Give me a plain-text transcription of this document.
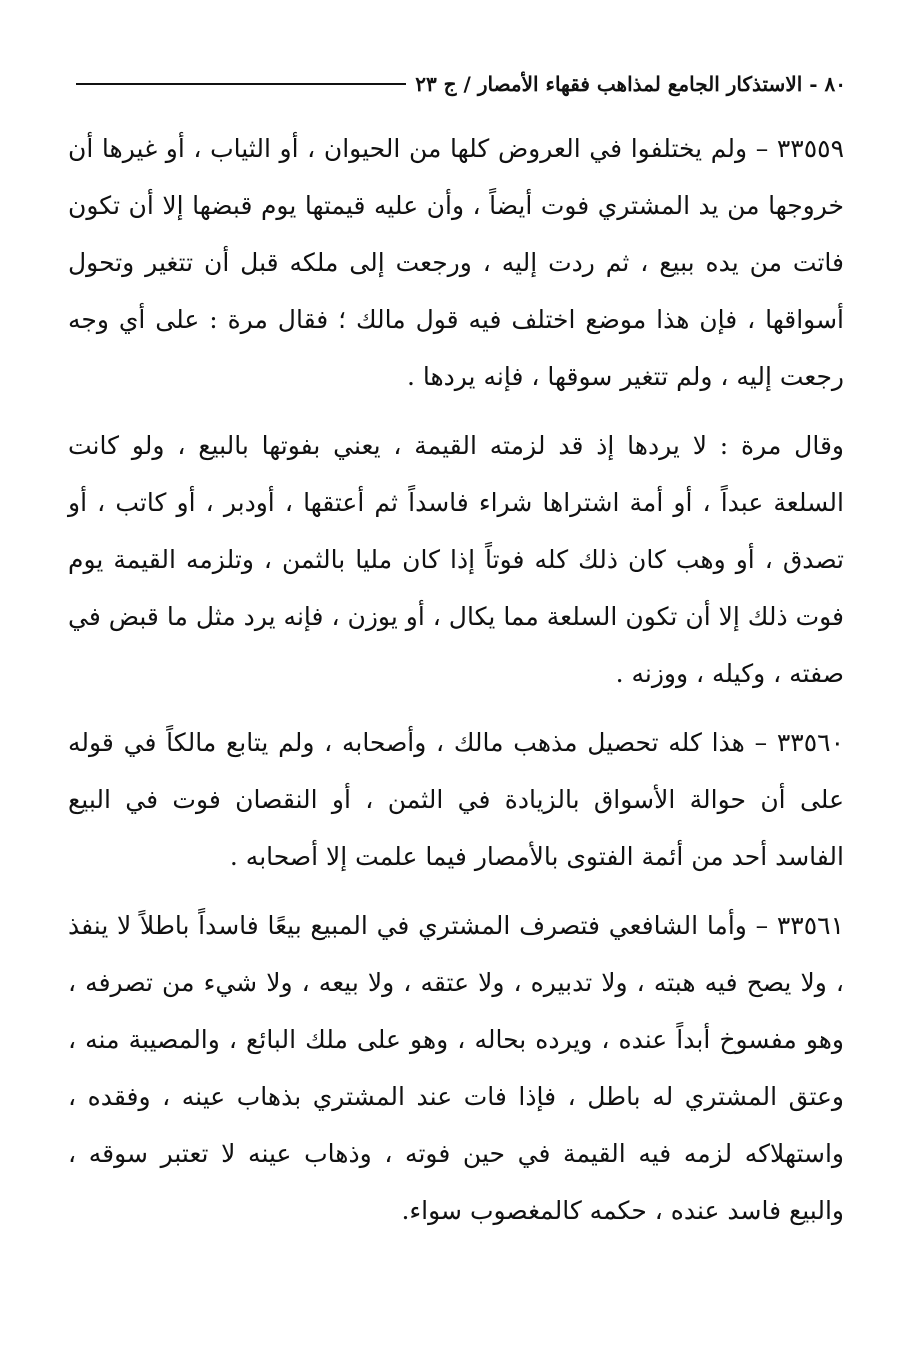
٨٠ - الاستذكار الجامع لمذاهب فقهاء الأمصار / ج ٢٣

٣٣٥٥٩ – ولم يختلفوا في العروض كلها من الحيوان ، أو الثياب ، أو غيرها أن خروجها من يد المشتري فوت أيضاً ، وأن عليه قيمتها يوم قبضها إلا أن تكون فاتت من يده ببيع ، ثم ردت إليه ، ورجعت إلى ملكه قبل أن تتغير وتحول أسواقها ، فإن هذا موضع اختلف فيه قول مالك ؛ فقال مرة : على أي وجه رجعت إليه ، ولم تتغير سوقها ، فإنه يردها .

وقال مرة : لا يردها إذ قد لزمته القيمة ، يعني بفوتها بالبيع ، ولو كانت السلعة عبداً ، أو أمة اشتراها شراء فاسداً ثم أعتقها ، أودبر ، أو كاتب ، أو تصدق ، أو وهب كان ذلك كله فوتاً إذا كان مليا بالثمن ، وتلزمه القيمة يوم فوت ذلك إلا أن تكون السلعة مما يكال ، أو يوزن ، فإنه يرد مثل ما قبض في صفته ، وكيله ، ووزنه .

٣٣٥٦٠ – هذا كله تحصيل مذهب مالك ، وأصحابه ، ولم يتابع مالكاً في قوله على أن حوالة الأسواق بالزيادة في الثمن ، أو النقصان فوت في البيع الفاسد أحد من أئمة الفتوى بالأمصار فيما علمت إلا أصحابه .

٣٣٥٦١ – وأما الشافعي فتصرف المشتري في المبيع بيعًا فاسداً باطلاً لا ينفذ ، ولا يصح فيه هبته ، ولا تدبيره ، ولا عتقه ، ولا بيعه ، ولا شيء من تصرفه ، وهو مفسوخ أبداً عنده ، ويرده بحاله ، وهو على ملك البائع ، والمصيبة منه ، وعتق المشتري له باطل ، فإذا فات عند المشتري بذهاب عينه ، وفقده ، واستهلاكه لزمه فيه القيمة في حين فوته ، وذهاب عينه لا تعتبر سوقه ، والبيع فاسد عنده ، حكمه كالمغصوب سواء.
